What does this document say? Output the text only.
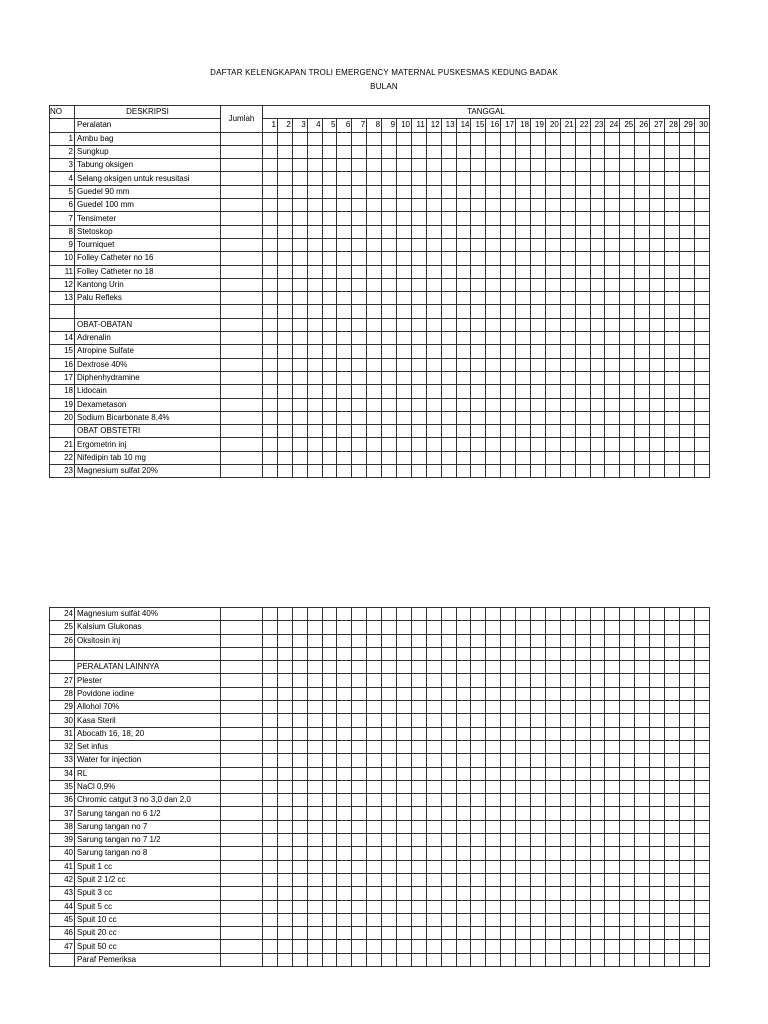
DAFTAR KELENGKAPAN TROLI EMERGENCY MATERNAL PUSKESMAS KEDUNG BADAK
BULAN
NO	DESKRIPSI	Jumlah	TANGGAL																													
	Peralatan		1	2	3	4	5	6	7	8	9	10	11	12	13	14	15	16	17	18	19	20	21	22	23	24	25	26	27	28	29	30
1	Ambu bag																															
2	Sungkup																															
3	Tabung oksigen																															
4	Selang oksigen untuk resusitasi																															
5	Guedel 90 mm																															
6	Guedel 100 mm																															
7	Tensimeter																															
8	Stetoskop																															
9	Tourniquet																															
10	Folley Catheter no 16																															
11	Folley Catheter no 18																															
12	Kantong Urin																															
13	Palu Refleks																															

	OBAT-OBATAN																															
14	Adrenalin																															
15	Atropine Sulfate																															
16	Dextrose 40%																															
17	Diphenhydramine																															
18	Lidocain																															
19	Dexametason																															
20	Sodium Bicarbonate 8,4%																															
	OBAT OBSTETRI																															
21	Ergometrin inj																															
22	Nifedipin tab 10 mg																															
23	Magnesium sulfat 20%																															
24	Magnesium sulfat 40%																															
25	Kalsium Glukonas																															
26	Oksitosin inj																															

	PERALATAN LAINNYA																															
27	Plester																															
28	Povidone iodine																															
29	Allohol 70%																															
30	Kasa Steril																															
31	Abocath 16, 18, 20																															
32	Set infus																															
33	Water for injection																															
34	RL																															
35	NaCl 0,9%																															
36	Chromic catgut 3 no 3,0 dan 2,0																															
37	Sarung tangan no 6 1/2																															
38	Sarung tangan no 7																															
39	Sarung tangan no 7 1/2																															
40	Sarung tangan no 8																															
41	Spuit 1 cc																															
42	Spuit 2 1/2 cc																															
43	Spuit 3 cc																															
44	Spuit 5 cc																															
45	Spuit 10 cc																															
46	Spuit 20 cc																															
47	Spuit 50 cc																															
	Paraf Pemeriksa																															
